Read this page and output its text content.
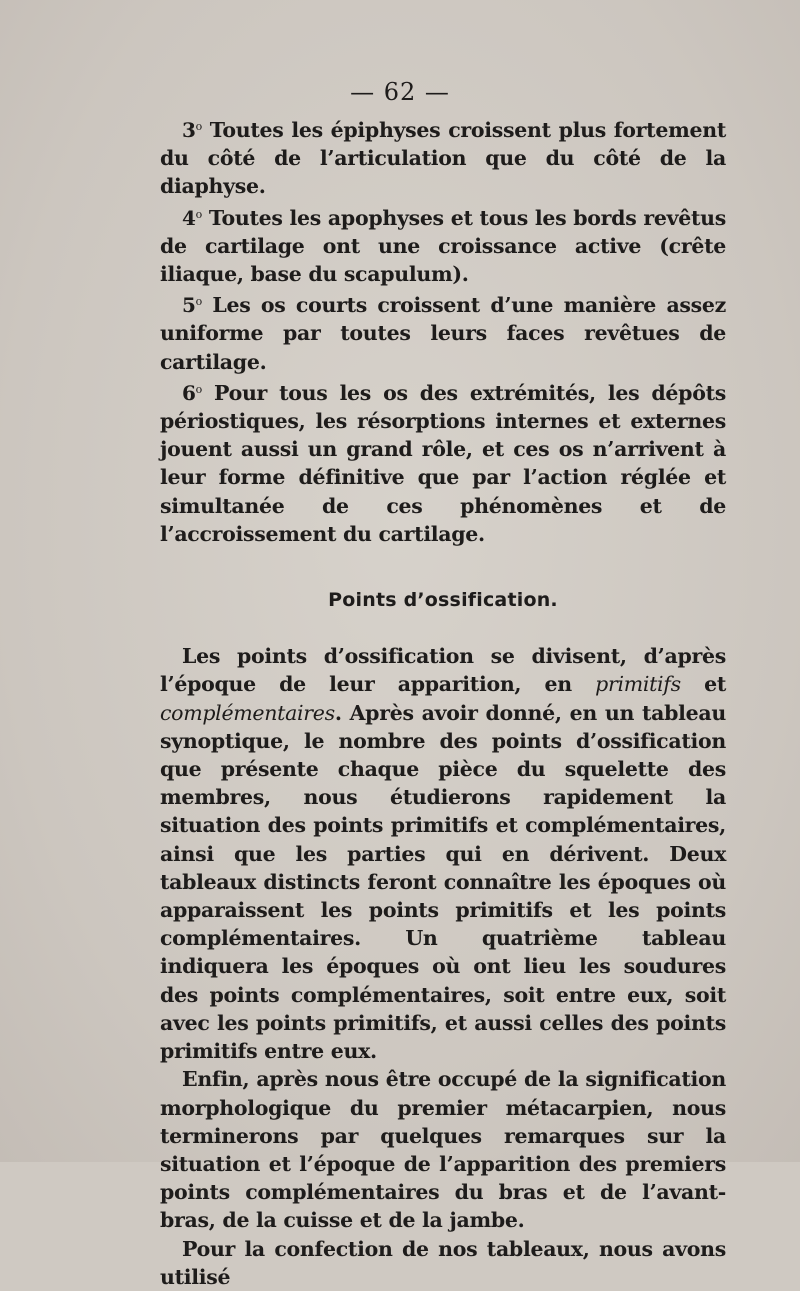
— 62 —

3$^o$ Toutes les épiphyses croissent plus fortement du côté de l’articulation que du côté de la diaphyse.

4$^o$ Toutes les apophyses et tous les bords revêtus de cartilage ont une croissance active (crête iliaque, base du scapulum).

5$^o$ Les os courts croissent d’une manière assez uniforme par toutes leurs faces revêtues de cartilage.

6$^o$ Pour tous les os des extrémités, les dépôts périostiques, les résorptions internes et externes jouent aussi un grand rôle, et ces os n’arrivent à leur forme définitive que par l’action réglée et simultanée de ces phénomènes et de l’accroissement du cartilage.

Points d’ossification.

Les points d’ossification se divisent, d’après l’époque de leur apparition, en primitifs et complémentaires. Après avoir donné, en un tableau synoptique, le nombre des points d’ossification que présente chaque pièce du squelette des membres, nous étudierons rapidement la situation des points primitifs et complémentaires, ainsi que les parties qui en dérivent. Deux tableaux distincts feront connaître les époques où apparaissent les points primitifs et les points complémentaires. Un quatrième tableau indiquera les époques où ont lieu les soudures des points complémentaires, soit entre eux, soit avec les points primitifs, et aussi celles des points primitifs entre eux.

Enfin, après nous être occupé de la signification morphologique du premier métacarpien, nous terminerons par quelques remarques sur la situation et l’époque de l’apparition des premiers points complémentaires du bras et de l’avant-bras, de la cuisse et de la jambe.

Pour la confection de nos tableaux, nous avons utilisé
